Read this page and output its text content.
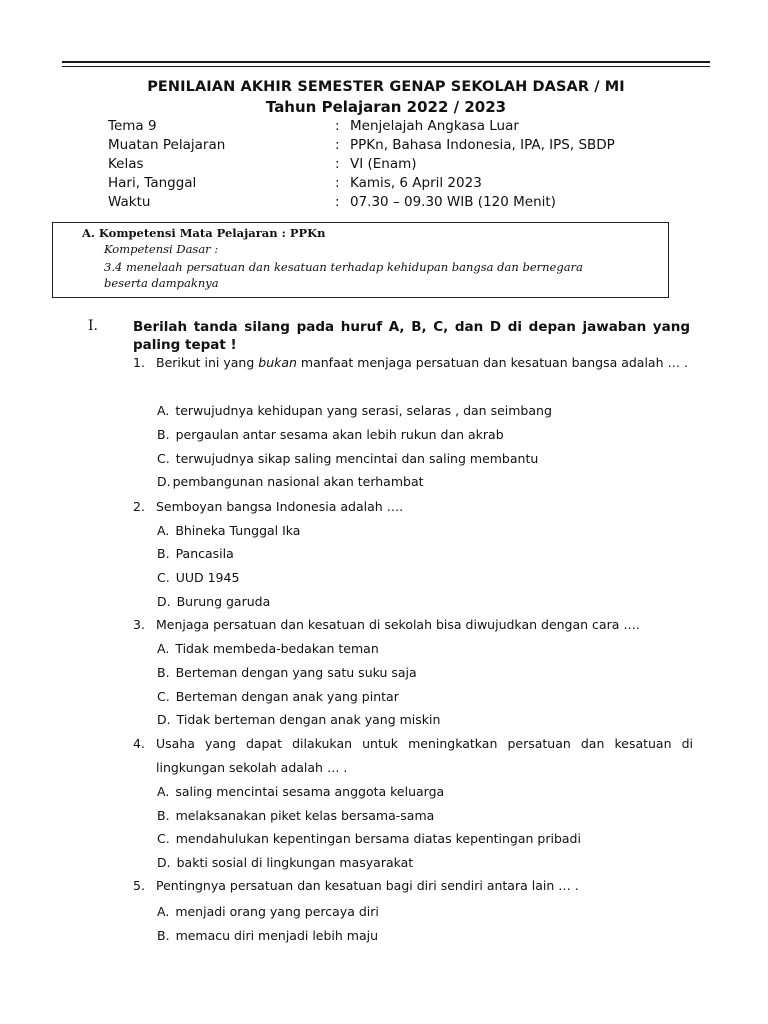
PENILAIAN AKHIR SEMESTER GENAP SEKOLAH DASAR / MI
Tahun Pelajaran 2022 / 2023
Tema 9	: Menjelajah Angkasa Luar
Muatan Pelajaran	: PPKn, Bahasa Indonesia, IPA, IPS, SBDP
Kelas	: VI (Enam)
Hari, Tanggal	: Kamis, 6 April 2023
Waktu	: 07.30 – 09.30 WIB (120 Menit)
A. Kompetensi Mata Pelajaran : PPKn
Kompetensi Dasar :
3.4 menelaah persatuan dan kesatuan terhadap kehidupan bangsa dan bernegara
beserta dampaknya
I.	Berilah tanda silang pada huruf A, B, C, dan D di depan jawaban yang paling tepat !
1. Berikut ini yang bukan manfaat menjaga persatuan dan kesatuan bangsa adalah … .
A. terwujudnya kehidupan yang serasi, selaras , dan seimbang
B. pergaulan antar sesama akan lebih rukun dan akrab
C. terwujudnya sikap saling mencintai dan saling membantu
D. pembangunan nasional akan terhambat
2. Semboyan bangsa Indonesia adalah ….
A. Bhineka Tunggal Ika
B. Pancasila
C. UUD 1945
D. Burung garuda
3. Menjaga persatuan dan kesatuan di sekolah bisa diwujudkan dengan cara ….
A. Tidak membeda-bedakan teman
B. Berteman dengan yang satu suku saja
C. Berteman dengan anak yang pintar
D. Tidak berteman dengan anak yang miskin
4. Usaha yang dapat dilakukan untuk meningkatkan persatuan dan kesatuan di lingkungan sekolah adalah … .
A. saling mencintai sesama anggota keluarga
B. melaksanakan piket kelas bersama-sama
C. mendahulukan kepentingan bersama diatas kepentingan pribadi
D. bakti sosial di lingkungan masyarakat
5. Pentingnya persatuan dan kesatuan bagi diri sendiri antara lain … .
A. menjadi orang yang percaya diri
B. memacu diri menjadi lebih maju
